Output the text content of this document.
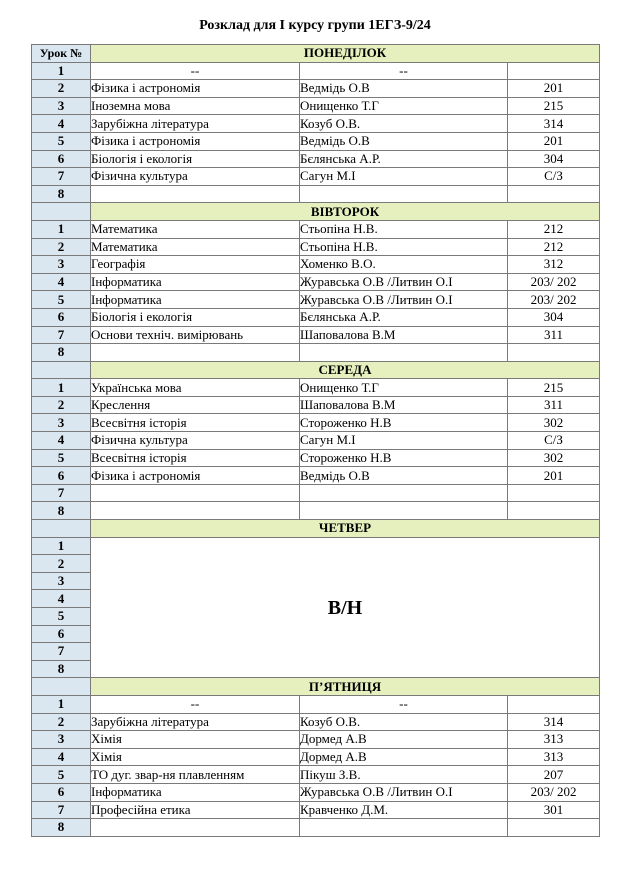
Розклад для І курсу групи 1ЕГЗ-9/24
Урок №	ПОНЕДІЛОК		
1	--	--	
2	Фізика і астрономія	Ведмідь О.В	201
3	Іноземна мова	Онищенко Т.Г	215
4	Зарубіжна література	Козуб О.В.	314
5	Фізика і астрономія	Ведмідь О.В	201
6	Біологія і екологія	Бєлянська А.Р.	304
7	Фізична культура	Сагун М.І	С/З
8			
	ВІВТОРОК		
1	Математика	Стьопіна Н.В.	212
2	Математика	Стьопіна Н.В.	212
3	Географія	Хоменко В.О.	312
4	Інформатика	Журавська О.В /Литвин О.І	203/ 202
5	Інформатика	Журавська О.В /Литвин О.І	203/ 202
6	Біологія і екологія	Бєлянська А.Р.	304
7	Основи техніч. вимірювань	Шаповалова В.М	311
8			
	СЕРЕДА		
1	Українська мова	Онищенко Т.Г	215
2	Креслення	Шаповалова В.М	311
3	Всесвітня історія	Стороженко Н.В	302
4	Фізична культура	Сагун М.І	С/З
5	Всесвітня історія	Стороженко Н.В	302
6	Фізика і астрономія	Ведмідь О.В	201
7			
8			
	ЧЕТВЕР		
1	В/Н		
2			
3			
4			
5			
6			
7			
8			
	П’ЯТНИЦЯ		
1	--	--	
2	Зарубіжна література	Козуб О.В.	314
3	Хімія	Дормед А.В	313
4	Хімія	Дормед А.В	313
5	ТО дуг. звар-ня плавленням	Пікуш З.В.	207
6	Інформатика	Журавська О.В /Литвин О.І	203/ 202
7	Професійна етика	Кравченко Д.М.	301
8			
